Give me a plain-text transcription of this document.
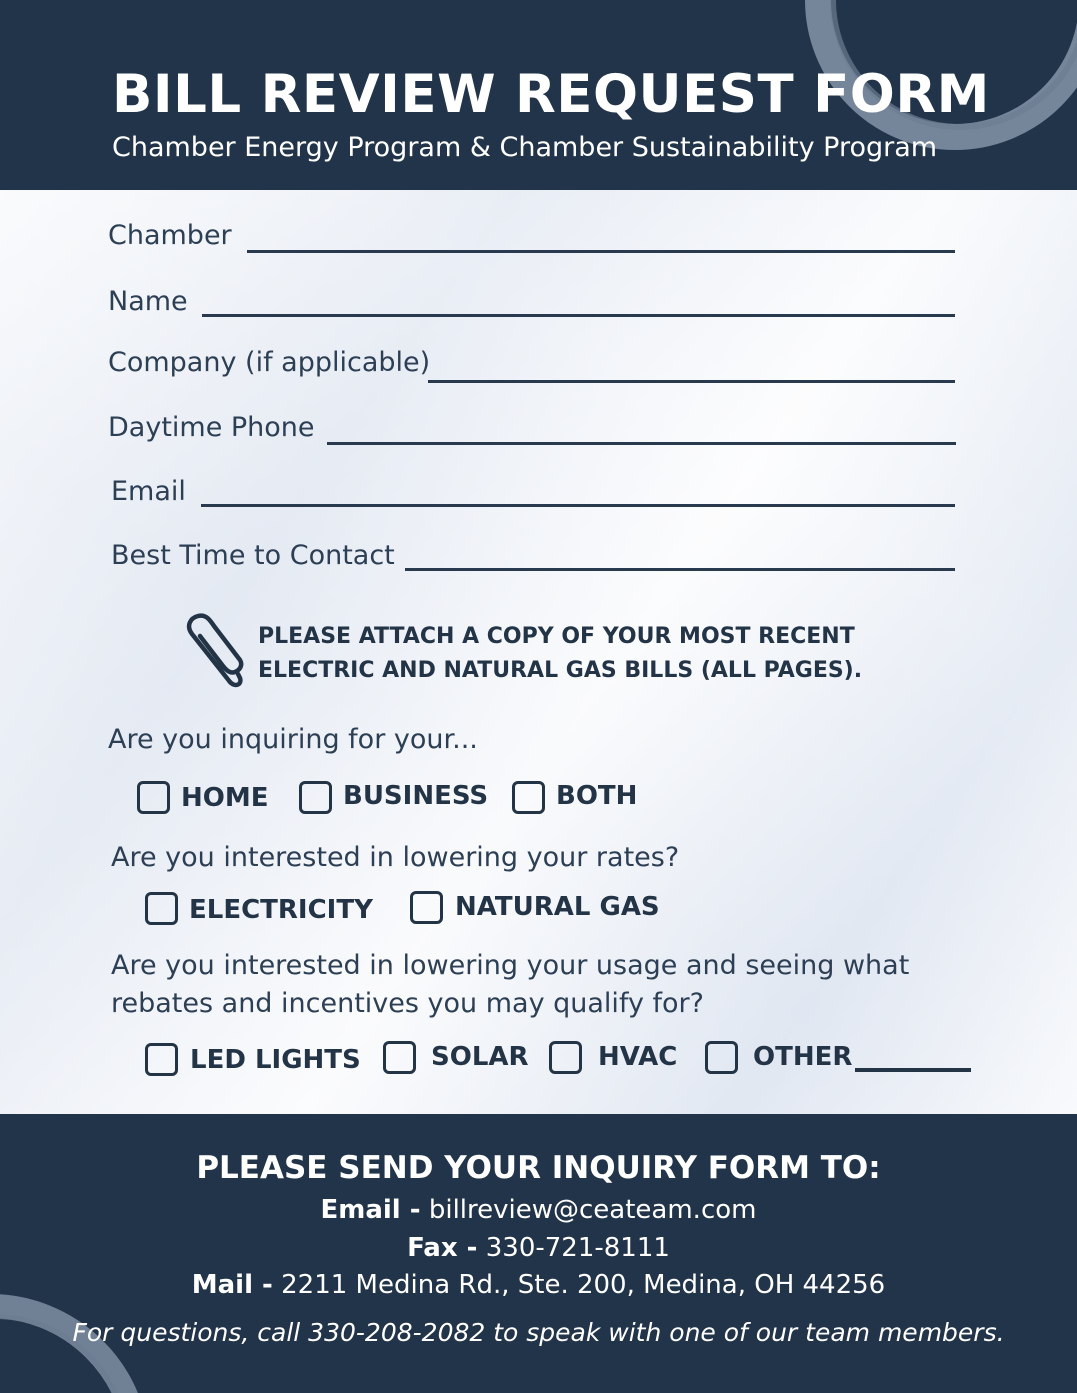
BILL REVIEW REQUEST FORM
Chamber Energy Program & Chamber Sustainability Program
Chamber
Name
Company (if applicable)
Daytime Phone
Email
Best Time to Contact
PLEASE ATTACH A COPY OF YOUR MOST RECENT
ELECTRIC AND NATURAL GAS BILLS (ALL PAGES).
Are you inquiring for your...
HOME	BUSINESS	BOTH
Are you interested in lowering your rates?
ELECTRICITY	NATURAL GAS
Are you interested in lowering your usage and seeing what
rebates and incentives you may qualify for?
LED LIGHTS	SOLAR	HVAC	OTHER
PLEASE SEND YOUR INQUIRY FORM TO:
Email - billreview@ceateam.com
Fax - 330-721-8111
Mail - 2211 Medina Rd., Ste. 200, Medina, OH 44256
For questions, call 330-208-2082 to speak with one of our team members.
